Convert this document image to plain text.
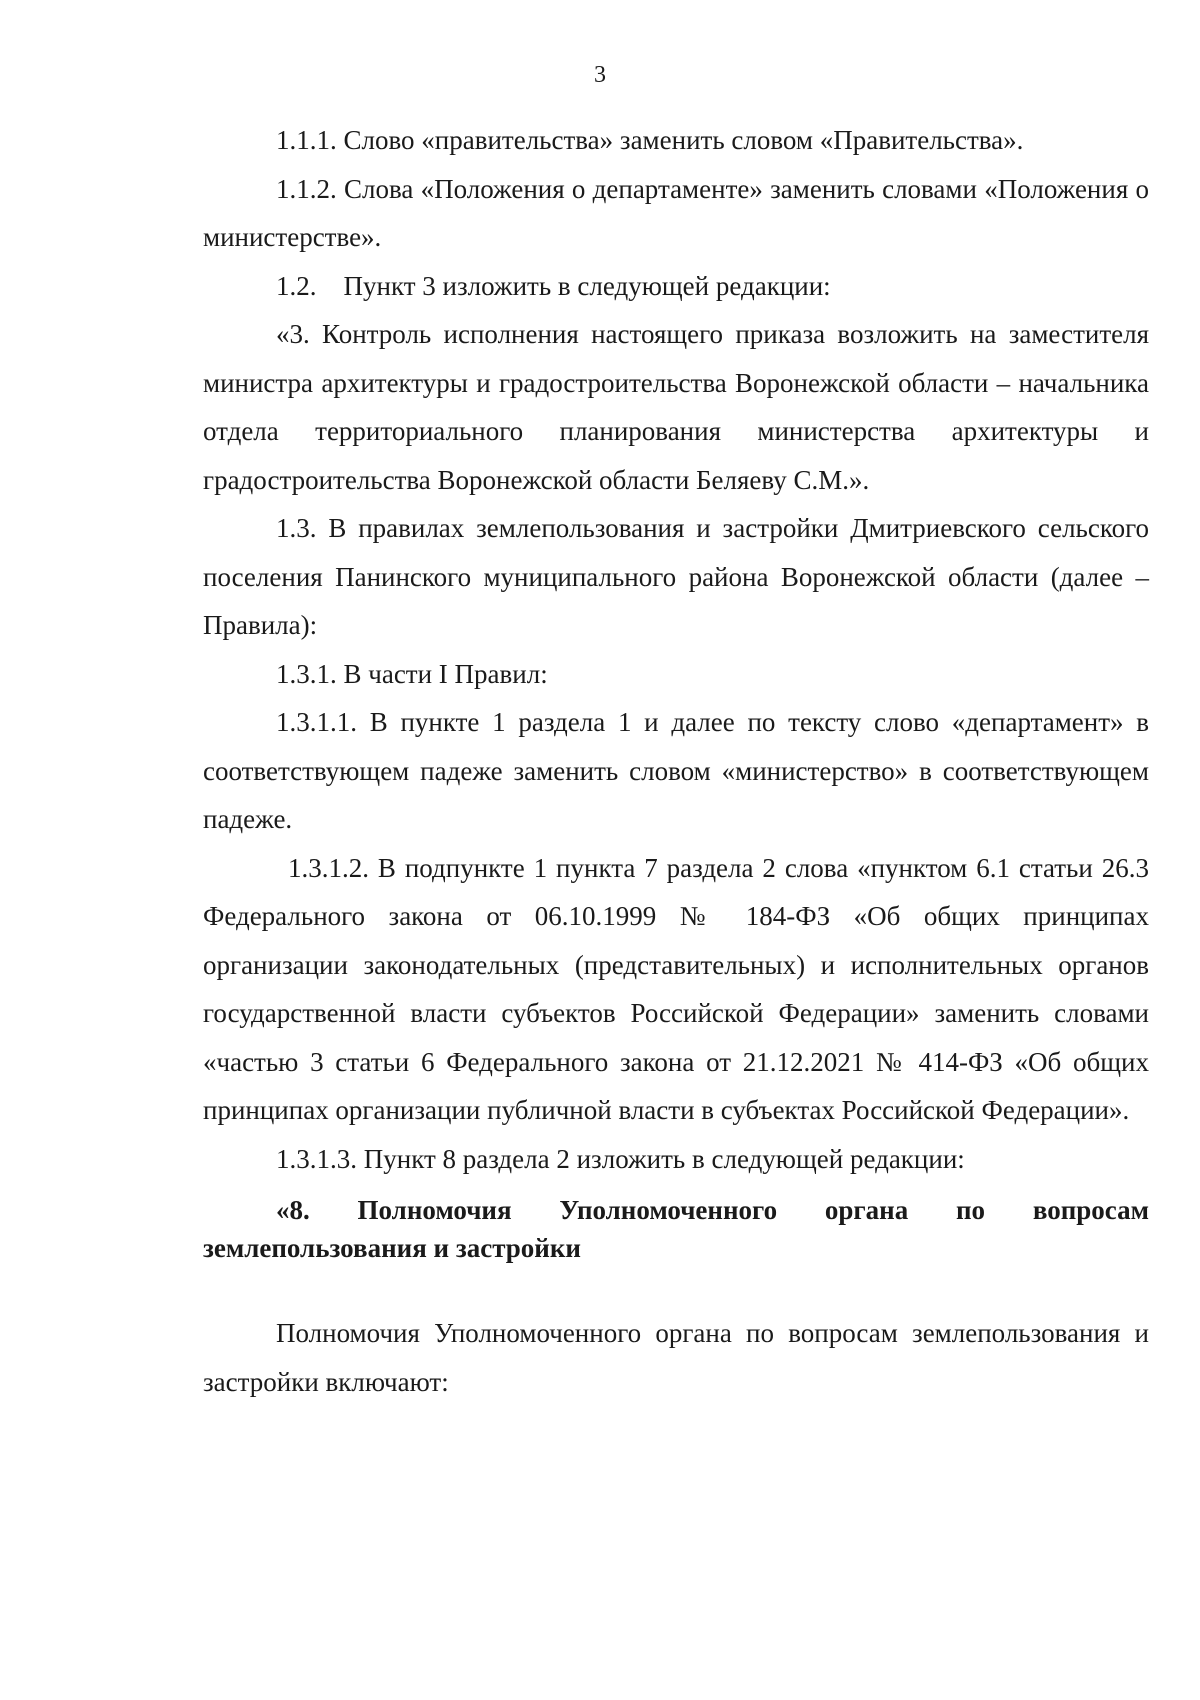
3

1.1.1. Слово «правительства» заменить словом «Правительства».

1.1.2. Слова «Положения о департаменте» заменить словами «Положения о министерстве».

1.2.    Пункт 3 изложить в следующей редакции:

«3. Контроль исполнения настоящего приказа возложить на заместителя министра архитектуры и градостроительства Воронежской области – начальника отдела территориального планирования министерства архитектуры и градостроительства Воронежской области Беляеву С.М.».

1.3. В правилах землепользования и застройки Дмитриевского сельского поселения Панинского муниципального района Воронежской области (далее – Правила):

1.3.1. В части I Правил:

1.3.1.1. В пункте 1 раздела 1 и далее по тексту слово «департамент» в соответствующем падеже заменить словом «министерство» в соответствующем падеже.

1.3.1.2. В подпункте 1 пункта 7 раздела 2 слова «пунктом 6.1 статьи 26.3 Федерального закона от 06.10.1999 № 184-ФЗ «Об общих принципах организации законодательных (представительных) и исполнительных органов государственной власти субъектов Российской Федерации» заменить словами «частью 3 статьи 6 Федерального закона от 21.12.2021 № 414-ФЗ «Об общих принципах организации публичной власти в субъектах Российской Федерации».

1.3.1.3. Пункт 8 раздела 2 изложить в следующей редакции:

«8. Полномочия Уполномоченного органа по вопросам землепользования и застройки

Полномочия Уполномоченного органа по вопросам землепользования и застройки включают:
